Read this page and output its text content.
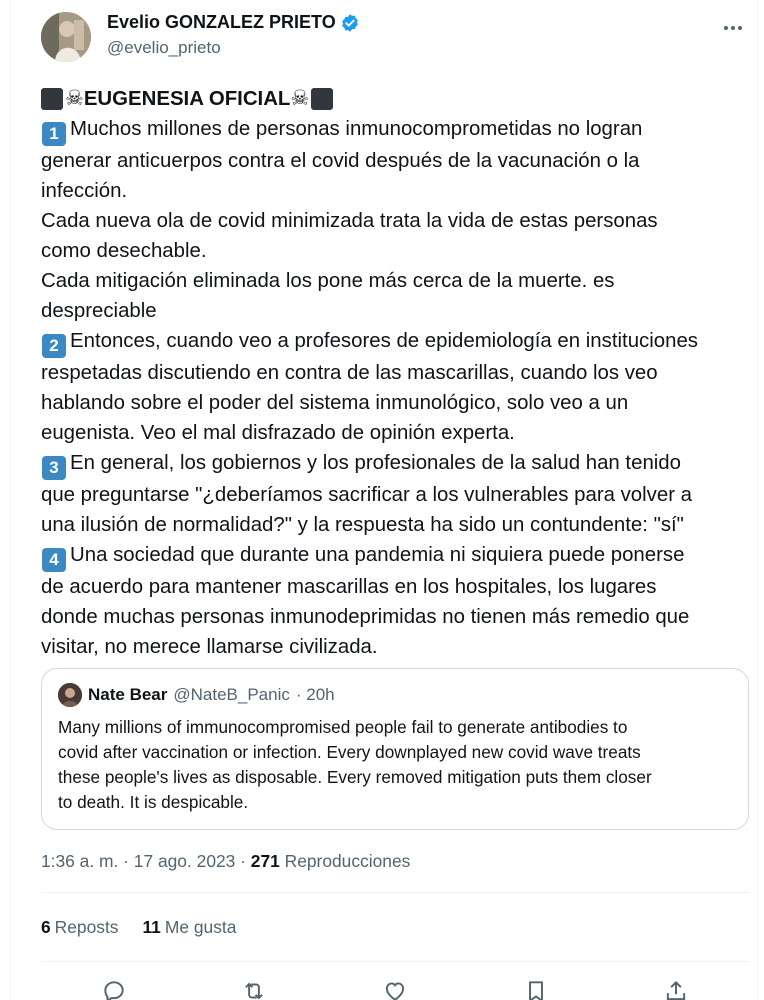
Evelio GONZALEZ PRIETO
@evelio_prieto
☠ EUGENESIA OFICIAL ☠
1 Muchos millones de personas inmunocomprometidas no logran
generar anticuerpos contra el covid después de la vacunación o la
infección.
Cada nueva ola de covid minimizada trata la vida de estas personas
como desechable.
Cada mitigación eliminada los pone más cerca de la muerte. es
despreciable
2 Entonces, cuando veo a profesores de epidemiología en instituciones
respetadas discutiendo en contra de las mascarillas, cuando los veo
hablando sobre el poder del sistema inmunológico, solo veo a un
eugenista. Veo el mal disfrazado de opinión experta.
3 En general, los gobiernos y los profesionales de la salud han tenido
que preguntarse "¿deberíamos sacrificar a los vulnerables para volver a
una ilusión de normalidad?" y la respuesta ha sido un contundente: "sí"
4 Una sociedad que durante una pandemia ni siquiera puede ponerse
de acuerdo para mantener mascarillas en los hospitales, los lugares
donde muchas personas inmunodeprimidas no tienen más remedio que
visitar, no merece llamarse civilizada.
Nate Bear @NateB_Panic · 20h
Many millions of immunocompromised people fail to generate antibodies to
covid after vaccination or infection. Every downplayed new covid wave treats
these people's lives as disposable. Every removed mitigation puts them closer
to death. It is despicable.
1:36 a. m. · 17 ago. 2023 · 271 Reproducciones
6 Reposts 11 Me gusta
